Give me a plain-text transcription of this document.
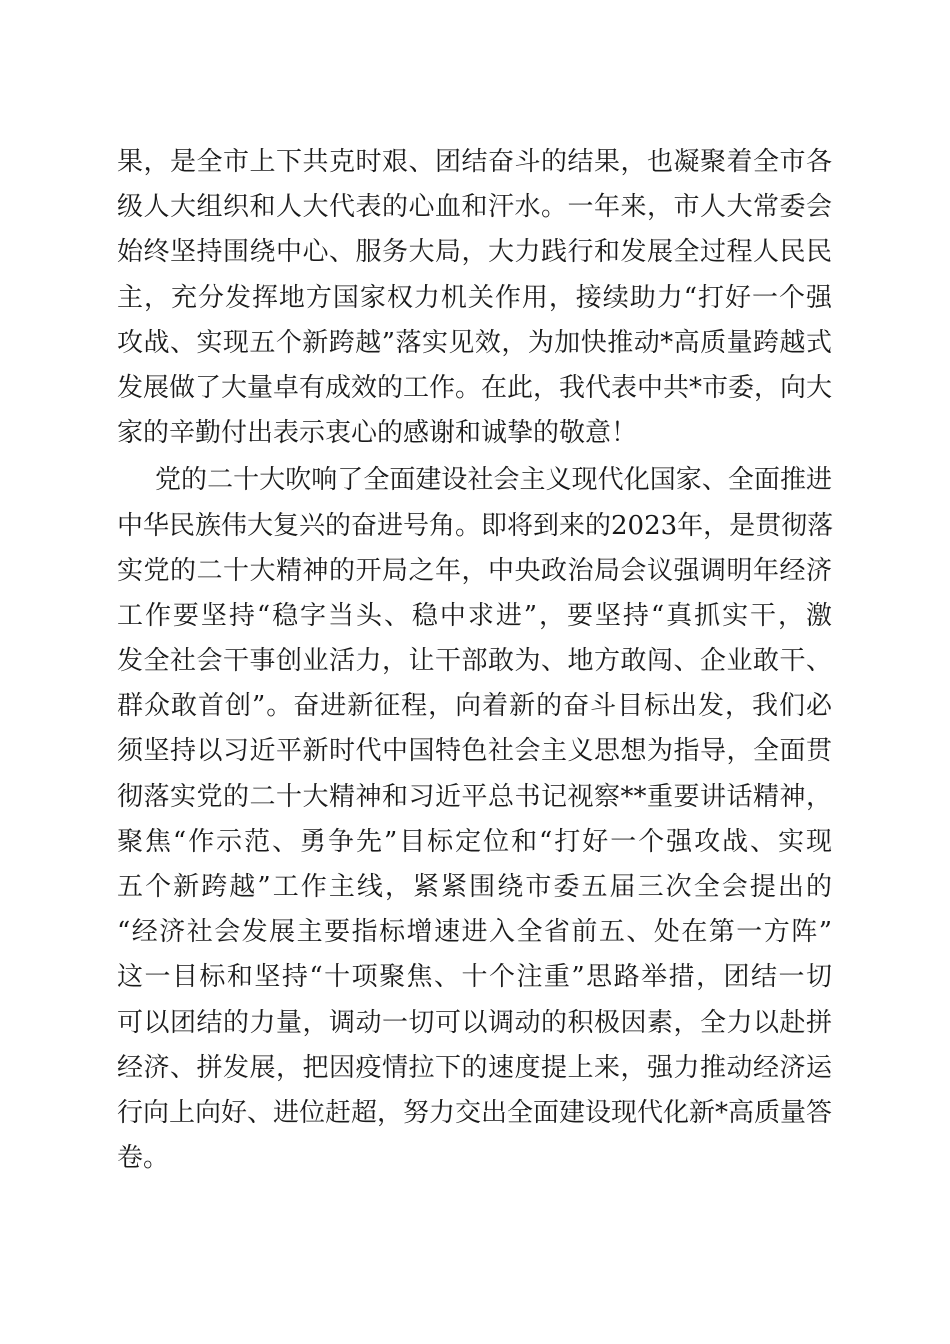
果，是全市上下共克时艰、团结奋斗的结果，也凝聚着全市各
级人大组织和人大代表的心血和汗水。一年来，市人大常委会
始终坚持围绕中心、服务大局，大力践行和发展全过程人民民
主，充分发挥地方国家权力机关作用，接续助力“打好一个强
攻战、实现五个新跨越”落实见效，为加快推动*高质量跨越式
发展做了大量卓有成效的工作。在此，我代表中共*市委，向大
家的辛勤付出表示衷心的感谢和诚挚的敬意！
党的二十大吹响了全面建设社会主义现代化国家、全面推进
中华民族伟大复兴的奋进号角。即将到来的2023年，是贯彻落
实党的二十大精神的开局之年，中央政治局会议强调明年经济
工作要坚持“稳字当头、稳中求进”，要坚持“真抓实干，激
发全社会干事创业活力，让干部敢为、地方敢闯、企业敢干、
群众敢首创”。奋进新征程，向着新的奋斗目标出发，我们必
须坚持以习近平新时代中国特色社会主义思想为指导，全面贯
彻落实党的二十大精神和习近平总书记视察**重要讲话精神，
聚焦“作示范、勇争先”目标定位和“打好一个强攻战、实现
五个新跨越”工作主线，紧紧围绕市委五届三次全会提出的
“经济社会发展主要指标增速进入全省前五、处在第一方阵”
这一目标和坚持“十项聚焦、十个注重”思路举措，团结一切
可以团结的力量，调动一切可以调动的积极因素，全力以赴拼
经济、拼发展，把因疫情拉下的速度提上来，强力推动经济运
行向上向好、进位赶超，努力交出全面建设现代化新*高质量答
卷。
